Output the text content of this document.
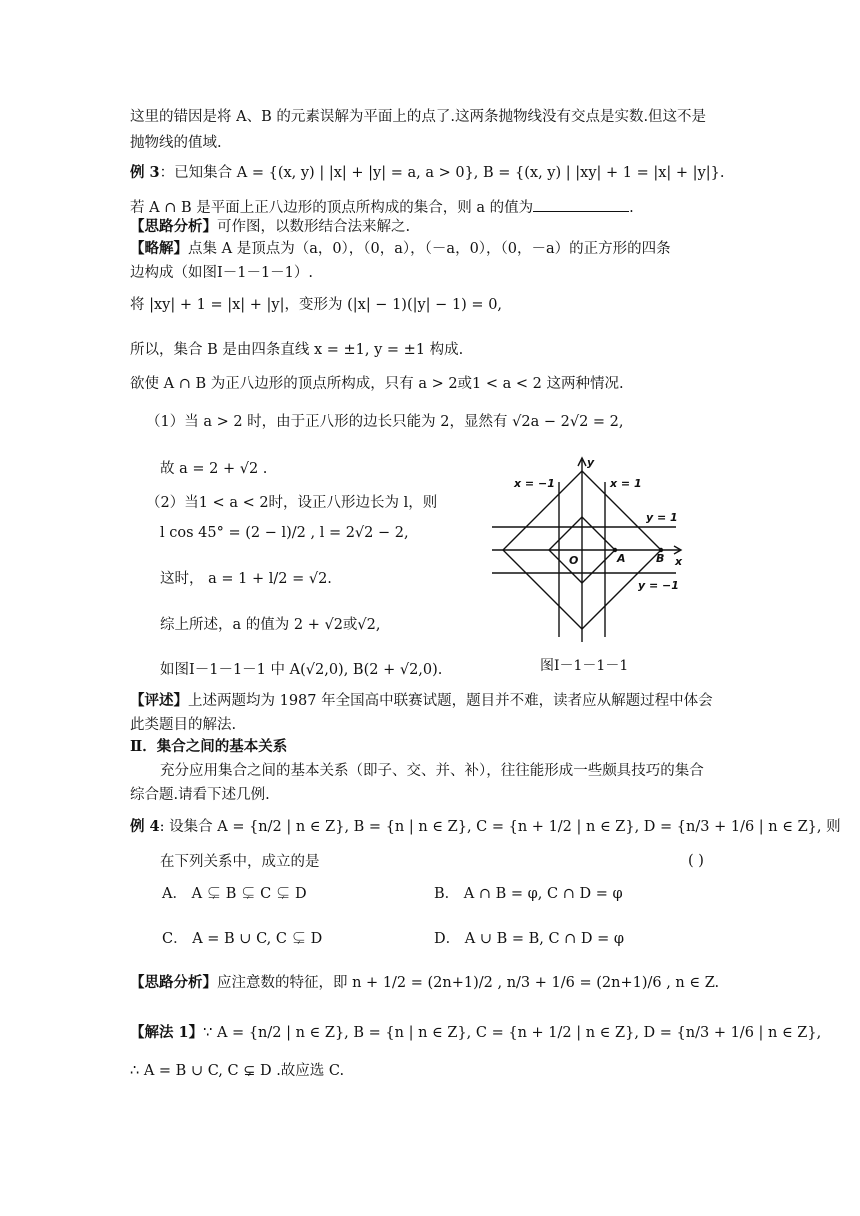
这里的错因是将 A、B 的元素误解为平面上的点了.这两条抛物线没有交点是实数.但这不是
抛物线的值域.
例 3：已知集合 A = {(x, y) | |x| + |y| = a, a > 0}, B = {(x, y) | |xy| + 1 = |x| + |y|}.
若 A ∩ B 是平面上正八边形的顶点所构成的集合，则 a 的值为	.
【思路分析】可作图，以数形结合法来解之.
【略解】点集 A 是顶点为（a，0），（0，a），（－a，0），（0，－a）的正方形的四条
边构成（如图Ⅰ－1－1－1）.
将 |xy| + 1 = |x| + |y|，变形为 (|x| − 1)(|y| − 1) = 0,
所以，集合 B 是由四条直线 x = ±1, y = ±1 构成.
欲使 A ∩ B 为正八边形的顶点所构成，只有 a > 2或1 < a < 2 这两种情况.
（1）当 a > 2 时，由于正八形的边长只能为 2，显然有 √2a − 2√2 = 2,
故 a = 2 + √2 .
（2）当1 < a < 2时，设正八形边长为 l，则
l cos 45° = (2 − l)/2 , l = 2√2 − 2,
这时， a = 1 + l/2 = √2.
综上所述，a 的值为 2 + √2或√2,
如图Ⅰ－1－1－1 中 A(√2,0), B(2 + √2,0).
y
x
x = −1	x = 1
y = 1
y = −1
O	A	B
图Ⅰ－1－1－1
【评述】上述两题均为 1987 年全国高中联赛试题，题目并不难，读者应从解题过程中体会
此类题目的解法.
Ⅱ．集合之间的基本关系
充分应用集合之间的基本关系（即子、交、并、补），往往能形成一些颇具技巧的集合
综合题.请看下述几例.
例 4: 设集合 A = {n/2 | n ∈ Z}, B = {n | n ∈ Z}, C = {n + 1/2 | n ∈ Z}, D = {n/3 + 1/6 | n ∈ Z}, 则
在下列关系中，成立的是	( )
A． A ⊊ B ⊊ C ⊊ D	B． A ∩ B = φ, C ∩ D = φ
C． A = B ∪ C, C ⊊ D	D． A ∪ B = B, C ∩ D = φ
【思路分析】应注意数的特征，即 n + 1/2 = (2n+1)/2 , n/3 + 1/6 = (2n+1)/6 , n ∈ Z.
【解法 1】∵ A = {n/2 | n ∈ Z}, B = {n | n ∈ Z}, C = {n + 1/2 | n ∈ Z}, D = {n/3 + 1/6 | n ∈ Z},
∴ A = B ∪ C, C ⊊ D .故应选 C.
